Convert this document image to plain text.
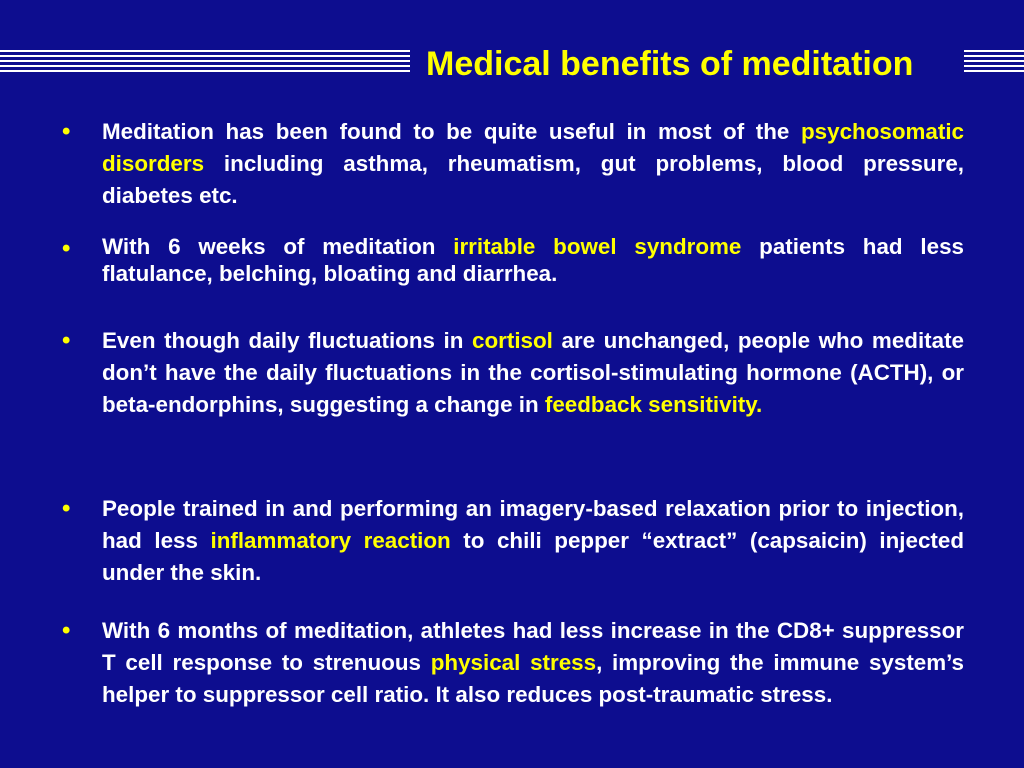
Medical benefits of meditation
• Meditation has been found to be quite useful in most of the psychosomatic disorders including asthma, rheumatism, gut problems, blood pressure, diabetes etc.

• With 6 weeks of meditation irritable bowel syndrome patients had less flatulance, belching, bloating and diarrhea.

• Even though daily fluctuations in cortisol are unchanged, people who meditate don’t have the daily fluctuations in the cortisol-stimulating hormone (ACTH), or beta-endorphins, suggesting a change in feedback sensitivity.

• People trained in and performing an imagery-based relaxation prior to injection, had less inflammatory reaction to chili pepper “extract” (capsaicin) injected under the skin.

• With 6 months of meditation, athletes had less increase in the CD8+ suppressor T cell response to strenuous physical stress, improving the immune system’s helper to suppressor cell ratio. It also reduces post-traumatic stress.
